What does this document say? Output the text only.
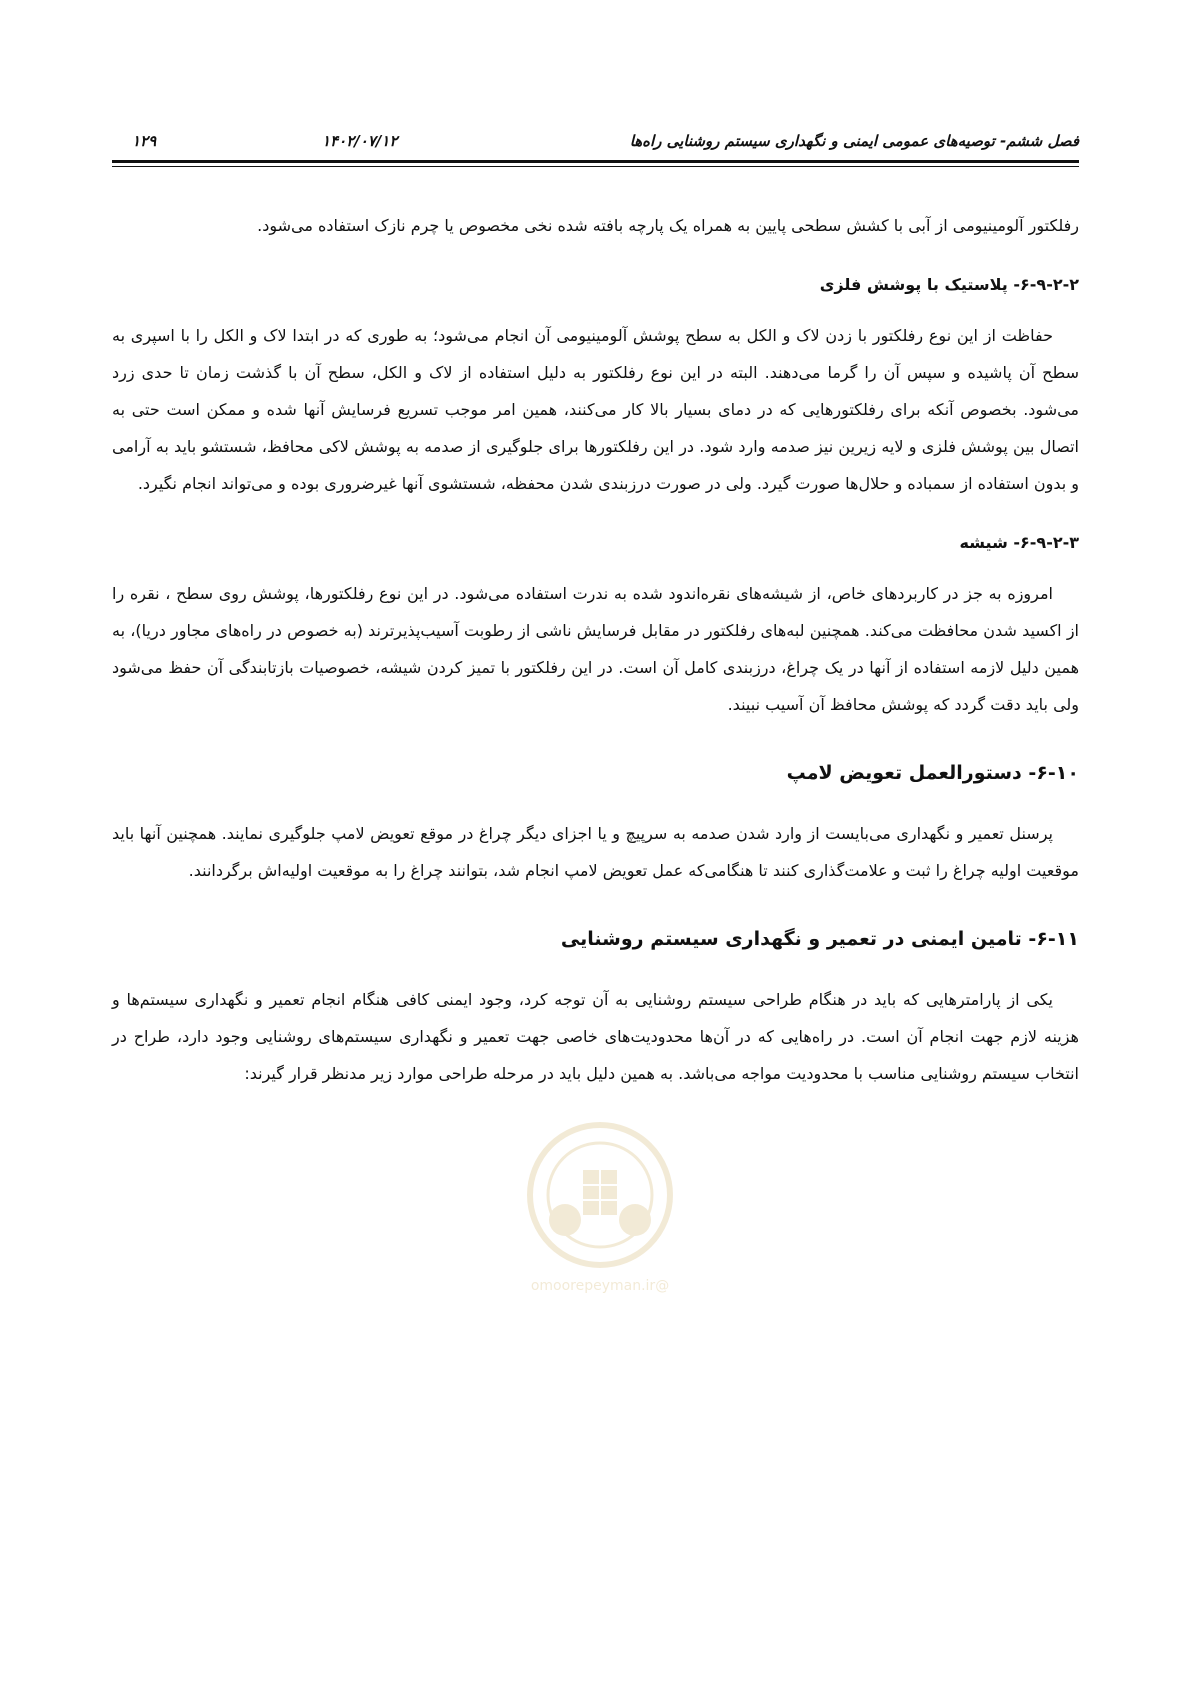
فصل ششم- توصیه‌های عمومی ایمنی و نگهداری سیستم روشنایی راه‌ها
۱۴۰۲/۰۷/۱۲
۱۲۹

رفلکتور آلومینیومی از آبی با کشش سطحی پایین به همراه یک پارچه بافته شده نخی مخصوص یا چرم نازک استفاده می‌شود.

۶-۹-۲-۲- پلاستیک با پوشش فلزی

حفاظت از این نوع رفلکتور با زدن لاک و الکل به سطح پوشش آلومینیومی آن انجام می‌شود؛ به طوری که در ابتدا لاک و الکل را با اسپری به سطح آن پاشیده و سپس آن را گرما می‌دهند. البته در این نوع رفلکتور به دلیل استفاده از لاک و الکل، سطح آن با گذشت زمان تا حدی زرد می‌شود. بخصوص آنکه برای رفلکتورهایی که در دمای بسیار بالا کار می‌کنند، همین امر موجب تسریع فرسایش آنها شده و ممکن است حتی به اتصال بین پوشش فلزی و لایه زیرین نیز صدمه وارد شود. در این رفلکتورها برای جلوگیری از صدمه به پوشش لاکی محافظ، شستشو باید به آرامی و بدون استفاده از سمباده و حلال‌ها صورت گیرد. ولی در صورت درزبندی شدن محفظه، شستشوی آنها غیرضروری بوده و می‌تواند انجام نگیرد.

۶-۹-۲-۳- شیشه

امروزه به جز در کاربردهای خاص، از شیشه‌های نقره‌اندود شده به ندرت استفاده می‌شود. در این نوع رفلکتورها، پوشش روی سطح ، نقره را از اکسید شدن محافظت می‌کند. همچنین لبه‌های رفلکتور در مقابل فرسایش ناشی از رطوبت آسیب‌پذیرترند (به خصوص در راه‌های مجاور دریا)، به همین دلیل لازمه استفاده از آنها در یک چراغ، درزبندی کامل آن است. در این رفلکتور با تمیز کردن شیشه، خصوصیات بازتابندگی آن حفظ می‌شود ولی باید دقت گردد که پوشش محافظ آن آسیب نبیند.

۶-۱۰- دستورالعمل تعویض لامپ

پرسنل تعمیر و نگهداری می‌بایست از وارد شدن صدمه به سرپیچ و یا اجزای دیگر چراغ در موقع تعویض لامپ جلوگیری نمایند. همچنین آنها باید موقعیت اولیه چراغ را ثبت و علامت‌گذاری کنند تا هنگامی‌که عمل تعویض لامپ انجام شد، بتوانند چراغ را به موقعیت اولیه‌اش برگردانند.

۶-۱۱- تامین ایمنی در تعمیر و نگهداری سیستم روشنایی

یکی از پارامترهایی که باید در هنگام طراحی سیستم روشنایی به آن توجه کرد، وجود ایمنی کافی هنگام انجام تعمیر و نگهداری سیستم‌ها و هزینه لازم جهت انجام آن است. در راه‌هایی که در آن‌ها محدودیت‌های خاصی جهت تعمیر و نگهداری سیستم‌های روشنایی وجود دارد، طراح در انتخاب سیستم روشنایی مناسب با محدودیت مواجه می‌باشد. به همین دلیل باید در مرحله طراحی موارد زیر مدنظر قرار گیرند:

@omoorepeyman.ir
